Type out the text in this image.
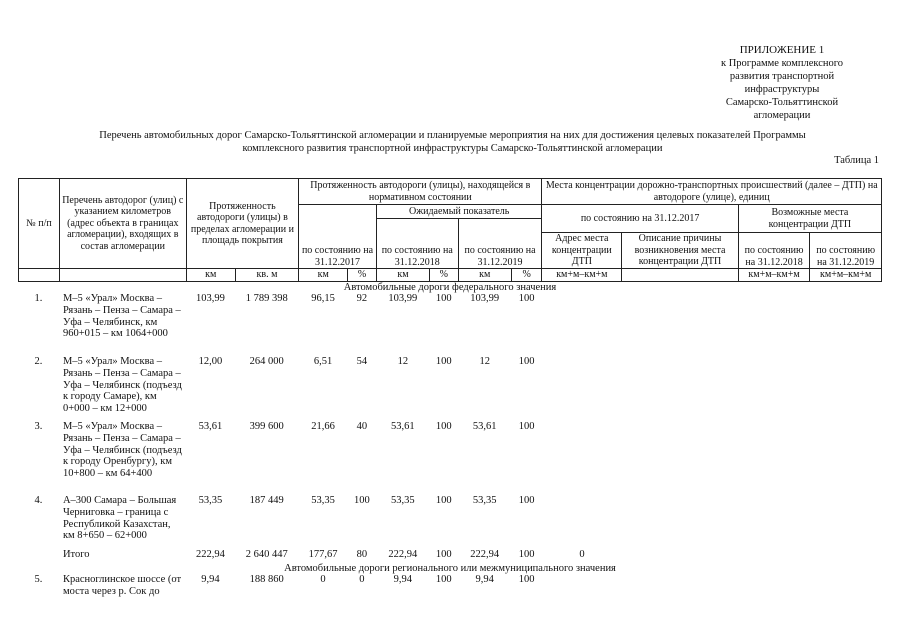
ПРИЛОЖЕНИЕ 1
к Программе комплексного
развития транспортной
инфраструктуры
Самарско-Тольяттинской
агломерации
Перечень автомобильных дорог Самарско-Тольяттинской агломерации и планируемые мероприятия на них для достижения целевых показателей Программы
комплексного развития транспортной инфраструктуры Самарско-Тольяттинской агломерации
Таблица 1
№ п/п	Перечень автодорог (улиц) с указанием километров (адрес объекта в границах агломерации), входящих в состав агломерации	Протяженность автодороги (улицы) в пределах агломерации и площадь покрытия		Протяженность автодороги (улицы), находящейся в нормативном состоянии						Места концентрации дорожно-транспортных происшествий (далее – ДТП) на автодороге (улице), единиц			
				по состоянию на 31.12.2017		Ожидаемый показатель				по состоянию на 31.12.2017		Возможные места концентрации ДТП	
						по состоянию на 31.12.2018		по состоянию на 31.12.2019					
										Адрес места концентрации ДТП	Описание причины возникновения места концентрации ДТП	по состоянию на 31.12.2018	по состоянию на 31.12.2019
		км	кв. м	км	%	км	%	км	%	км+м–км+м		км+м–км+м	км+м–км+м
Автомобильные дороги федерального значения													
1.	М–5 «Урал» Москва – Рязань – Пенза – Самара – Уфа – Челябинск, км 960+015 – км 1064+000	103,99	1 789 398	96,15	92	103,99	100	103,99	100				
2.	М–5 «Урал» Москва – Рязань – Пенза – Самара – Уфа – Челябинск (подъезд к городу Самаре), км 0+000 – км 12+000	12,00	264 000	6,51	54	12	100	12	100				
3.	М–5 «Урал» Москва – Рязань – Пенза – Самара – Уфа – Челябинск (подъезд к городу Оренбургу), км 10+800 – км 64+400	53,61	399 600	21,66	40	53,61	100	53,61	100				
4.	А–300 Самара – Большая Черниговка – граница с Республикой Казахстан, км 8+650 – 62+000	53,35	187 449	53,35	100	53,35	100	53,35	100				
	Итого	222,94	2 640 447	177,67	80	222,94	100	222,94	100	0			
Автомобильные дороги регионального или межмуниципального значения													
5.	Красноглинское шоссе (от моста через р. Сок до	9,94	188 860	0	0	9,94	100	9,94	100				
